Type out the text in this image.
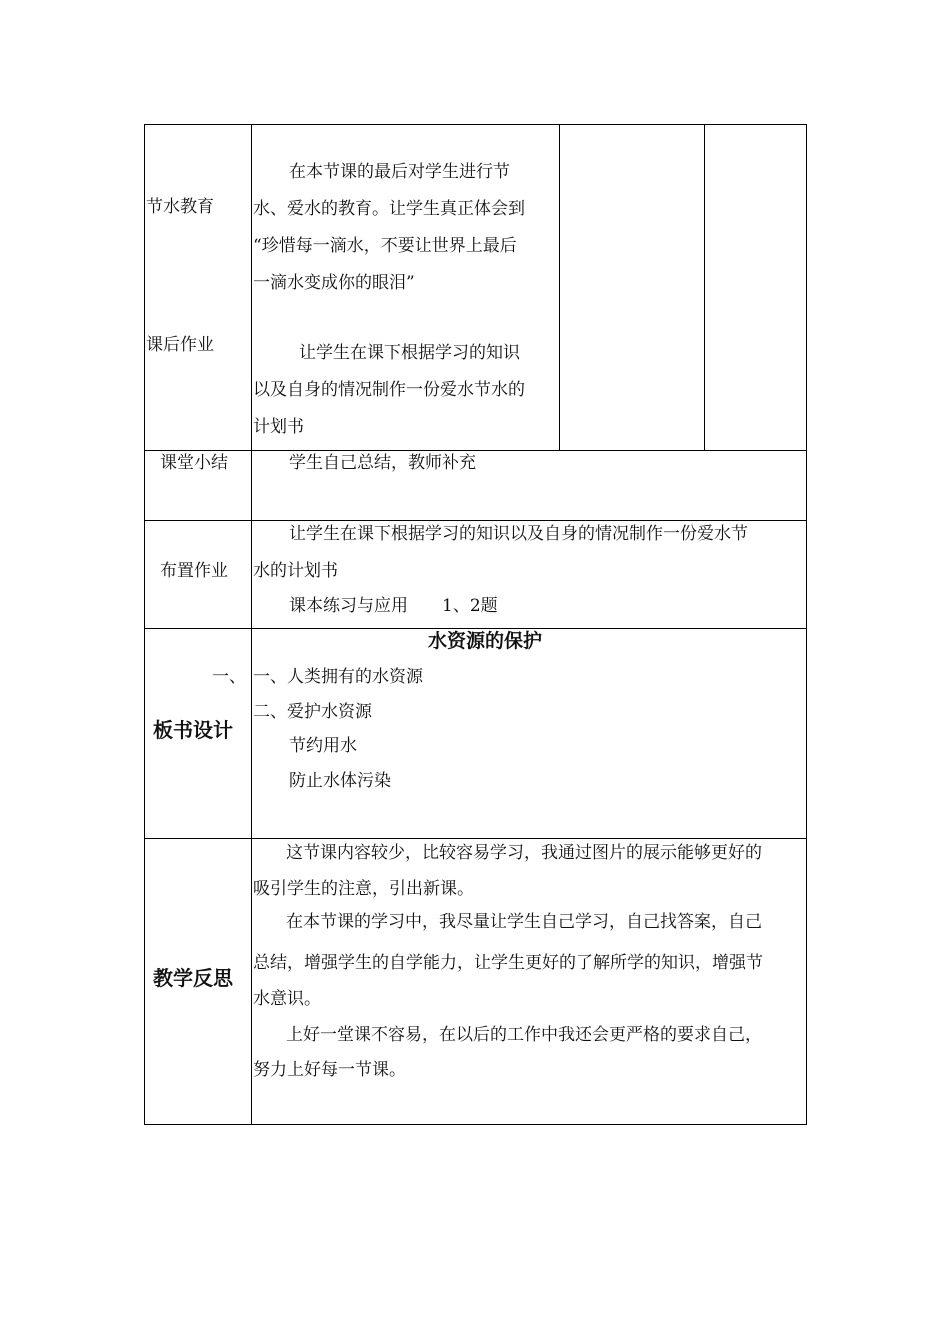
节水教育
课后作业
在本节课的最后对学生进行节
水、爱水的教育。让学生真正体会到
“珍惜每一滴水，不要让世界上最后
一滴水变成你的眼泪”
让学生在课下根据学习的知识
以及自身的情况制作一份爱水节水的
计划书
课堂小结	学生自己总结，教师补充
布置作业
让学生在课下根据学习的知识以及自身的情况制作一份爱水节
水的计划书
课本练习与应用　　1、2题
一、
板书设计
水资源的保护
一、人类拥有的水资源
二、爱护水资源
节约用水
防止水体污染
教学反思
这节课内容较少，比较容易学习，我通过图片的展示能够更好的
吸引学生的注意，引出新课。
在本节课的学习中，我尽量让学生自己学习，自己找答案，自己
总结，增强学生的自学能力，让学生更好的了解所学的知识，增强节
水意识。
上好一堂课不容易，在以后的工作中我还会更严格的要求自己，
努力上好每一节课。
